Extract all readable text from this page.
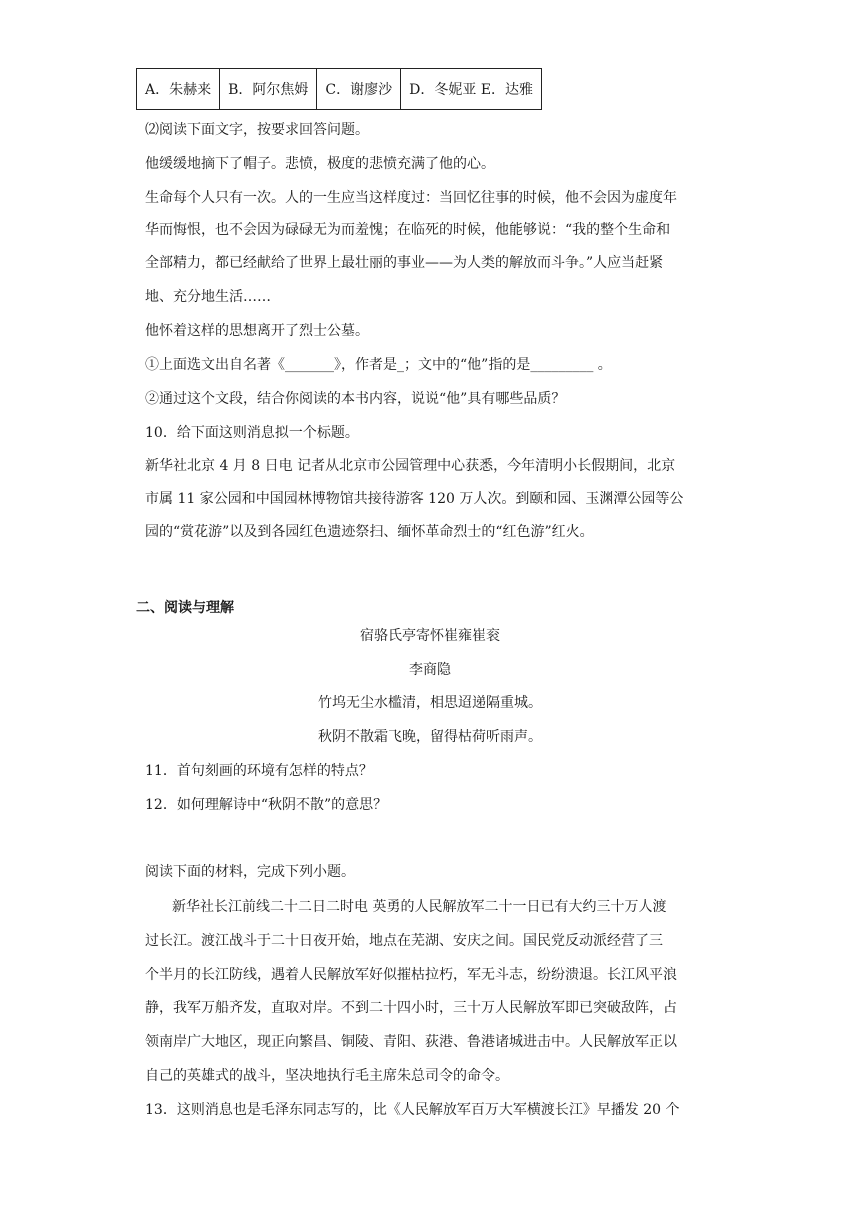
A．朱赫来	B．阿尔焦姆	C．谢廖沙	D．冬妮亚 E．达雅
⑵阅读下面文字，按要求回答问题。
他缓缓地摘下了帽子。悲愤，极度的悲愤充满了他的心。
生命每个人只有一次。人的一生应当这样度过：当回忆往事的时候，他不会因为虚度年
华而悔恨，也不会因为碌碌无为而羞愧；在临死的时候，他能够说：“我的整个生命和
全部精力，都已经献给了世界上最壮丽的事业——为人类的解放而斗争。”人应当赶紧
地、充分地生活……
他怀着这样的思想离开了烈士公墓。
①上面选文出自名著《_______》，作者是_；文中的“他”指的是_________ 。
②通过这个文段，结合你阅读的本书内容，说说“他”具有哪些品质？
10．给下面这则消息拟一个标题。
新华社北京 4 月 8 日电 记者从北京市公园管理中心获悉，今年清明小长假期间，北京
市属 11 家公园和中国园林博物馆共接待游客 120 万人次。到颐和园、玉渊潭公园等公
园的“赏花游”以及到各园红色遗迹祭扫、缅怀革命烈士的“红色游”红火。
二、阅读与理解
宿骆氏亭寄怀崔雍崔衮
李商隐
竹坞无尘水槛清，相思迢递隔重城。
秋阴不散霜飞晚，留得枯荷听雨声。
11．首句刻画的环境有怎样的特点？
12．如何理解诗中“秋阴不散”的意思？
阅读下面的材料，完成下列小题。
新华社长江前线二十二日二时电 英勇的人民解放军二十一日已有大约三十万人渡
过长江。渡江战斗于二十日夜开始，地点在芜湖、安庆之间。国民党反动派经营了三
个半月的长江防线，遇着人民解放军好似摧枯拉朽，军无斗志，纷纷溃退。长江风平浪
静，我军万船齐发，直取对岸。不到二十四小时，三十万人民解放军即已突破敌阵，占
领南岸广大地区，现正向繁昌、铜陵、青阳、荻港、鲁港诸城进击中。人民解放军正以
自己的英雄式的战斗，坚决地执行毛主席朱总司令的命令。
13．这则消息也是毛泽东同志写的，比《人民解放军百万大军横渡长江》早播发 20 个
